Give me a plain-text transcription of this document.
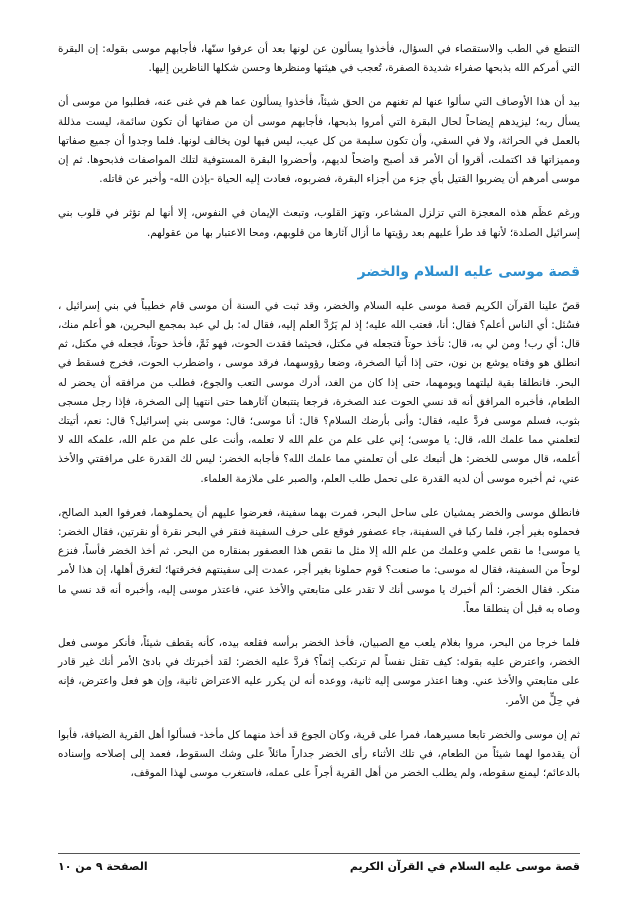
التنطع في الطب والاستقصاء في السؤال، فأخذوا يسألون عن لونها بعد أن عرفوا سنّها، فأجابهم موسى بقوله: إن البقرة التي أمركم الله بذبحها صفراء شديدة الصفرة، تُعجب في هيئتها ومنظرها وحسن شكلها الناظرين إليها.

بيد أن هذا الأوصاف التي سألوا عنها لم تغنهم من الحق شيئاً، فأخذوا يسألون عما هم في غنى عنه، فطلبوا من موسى أن يسأل ربه؛ ليزيدهم إيضاحاً لحال البقرة التي أمروا بذبحها، فأجابهم موسى أن من صفاتها أن تكون سائمة، ليست مذللة بالعمل في الحراثة، ولا في السقي، وأن تكون سليمة من كل عيب، ليس فيها لون يخالف لونها. فلما وجدوا أن جميع صفاتها ومميزاتها قد اكتملت، أقروا أن الأمر قد أصبح واضحاً لديهم، وأحضروا البقرة المستوفية لتلك المواصفات فذبحوها. ثم إن موسى أمرهم أن يضربوا القتيل بأي جزء من أجزاء البقرة، فضربوه، فعادت إليه الحياة -بإذن الله- وأخبر عن قاتله.

ورغم عظَم هذه المعجزة التي تزلزل المشاعر، وتهز القلوب، وتبعث الإيمان في النفوس، إلا أنها لم تؤثر في قلوب بني إسرائيل الصلدة؛ لأنها قد طرأ عليهم بعد رؤيتها ما أزال آثارها من قلوبهم، ومحا الاعتبار بها من عقولهم.

قصة موسى عليه السلام والخضر

قصّ علينا القرآن الكريم قصة موسى عليه السلام والخضر، وقد ثبت في السنة أن موسى قام خطيباً في بني إسرائيل ، فسُئل: أي الناس أعلم؟ فقال: أنا، فعتب الله عليه؛ إذ لم يَرُدَّ العلم إليه، فقال له: بل لي عبد بمجمع البحرين، هو أعلم منك، قال: أي رب! ومن لي به، قال: تأخذ حوتاً فتجعله في مكتل، فحيثما فقدت الحوت، فهو ثَمَّ، فأخذ حوتاً، فجعله في مكتل، ثم انطلق هو وفتاه يوشع بن نون، حتى إذا أتيا الصخرة، وضعا رؤوسهما، فرقد موسى ، واضطرب الحوت، فخرج فسقط في البحر. فانطلقا بقية ليلتهما ويومهما، حتى إذا كان من الغد، أدرك موسى التعب والجوع، فطلب من مرافقه أن يحضر له الطعام، فأخبره المرافق أنه قد نسي الحوت عند الصخرة، فرجعا يتتبعان آثارهما حتى انتهيا إلى الصخرة، فإذا رجل مسجى بثوب، فسلم موسى فردَّ عليه، فقال: وأنى بأرضك السلام؟ قال: أنا موسى؛ قال: موسى بني إسرائيل؟ قال: نعم، أتيتك لتعلمني مما علمك الله، قال: يا موسى؛ إني على علم من علم الله لا تعلمه، وأنت على علم من علم الله، علمكه الله لا أعلمه، قال موسى للخضر: هل أتبعك على أن تعلمني مما علمك الله؟ فأجابه الخضر: ليس لك القدرة على مرافقتي والأخذ عني، ثم أخبره موسى أن لديه القدرة على تحمل طلب العلم، والصبر على ملازمة العلماء.

فانطلق موسى والخضر يمشيان على ساحل البحر، فمرت بهما سفينة، فعرضوا عليهم أن يحملوهما، فعرفوا العبد الصالح، فحملوه بغير أجر، فلما ركبا في السفينة، جاء عصفور فوقع على حرف السفينة فنقر في البحر نقرة أو نقرتين، فقال الخضر: يا موسى! ما نقص علمي وعلمك من علم الله إلا مثل ما نقص هذا العصفور بمنقاره من البحر. ثم أخذ الخضر فأساً، فنزع لوحاً من السفينة، فقال له موسى: ما صنعت؟ قوم حملونا بغير أجر، عمدت إلى سفينتهم فخرقتها؛ لتغرق أهلها، إن هذا لأمر منكر. فقال الخضر: ألم أخبرك يا موسى أنك لا تقدر على متابعتي والأخذ عني، فاعتذر موسى إليه، وأخبره أنه قد نسي ما وصاه به قبل أن ينطلقا معاً.

فلما خرجا من البحر، مروا بغلام يلعب مع الصبيان، فأخذ الخضر برأسه فقلعه بيده، كأنه يقطف شيئاً، فأنكر موسى فعل الخضر، واعترض عليه بقوله: كيف تقتل نفساً لم ترتكب إثماً؟ فردَّ عليه الخضر: لقد أخبرتك في بادئ الأمر أنك غير قادر على متابعتي والأخذ عني. وهنا اعتذر موسى إليه ثانية، ووعده أنه لن يكرر عليه الاعتراض ثانية، وإن هو فعل واعترض، فإنه في حِلٍّ من الأمر.

ثم إن موسى والخضر تابعا مسيرهما، فمرا على قرية، وكان الجوع قد أخذ منهما كل مأخذ- فسألوا أهل القرية الضيافة، فأبوا أن يقدموا لهما شيئاً من الطعام، في تلك الأثناء رأى الخضر جداراً مائلاً على وشك السقوط، فعمد إلى إصلاحه وإسناده بالدعائم؛ ليمنع سقوطه، ولم يطلب الخضر من أهل القرية أجراً على عمله، فاستغرب موسى لهذا الموقف،

قصة موسى عليه السلام في القرآن الكريم
الصفحة ٩ من ١٠
